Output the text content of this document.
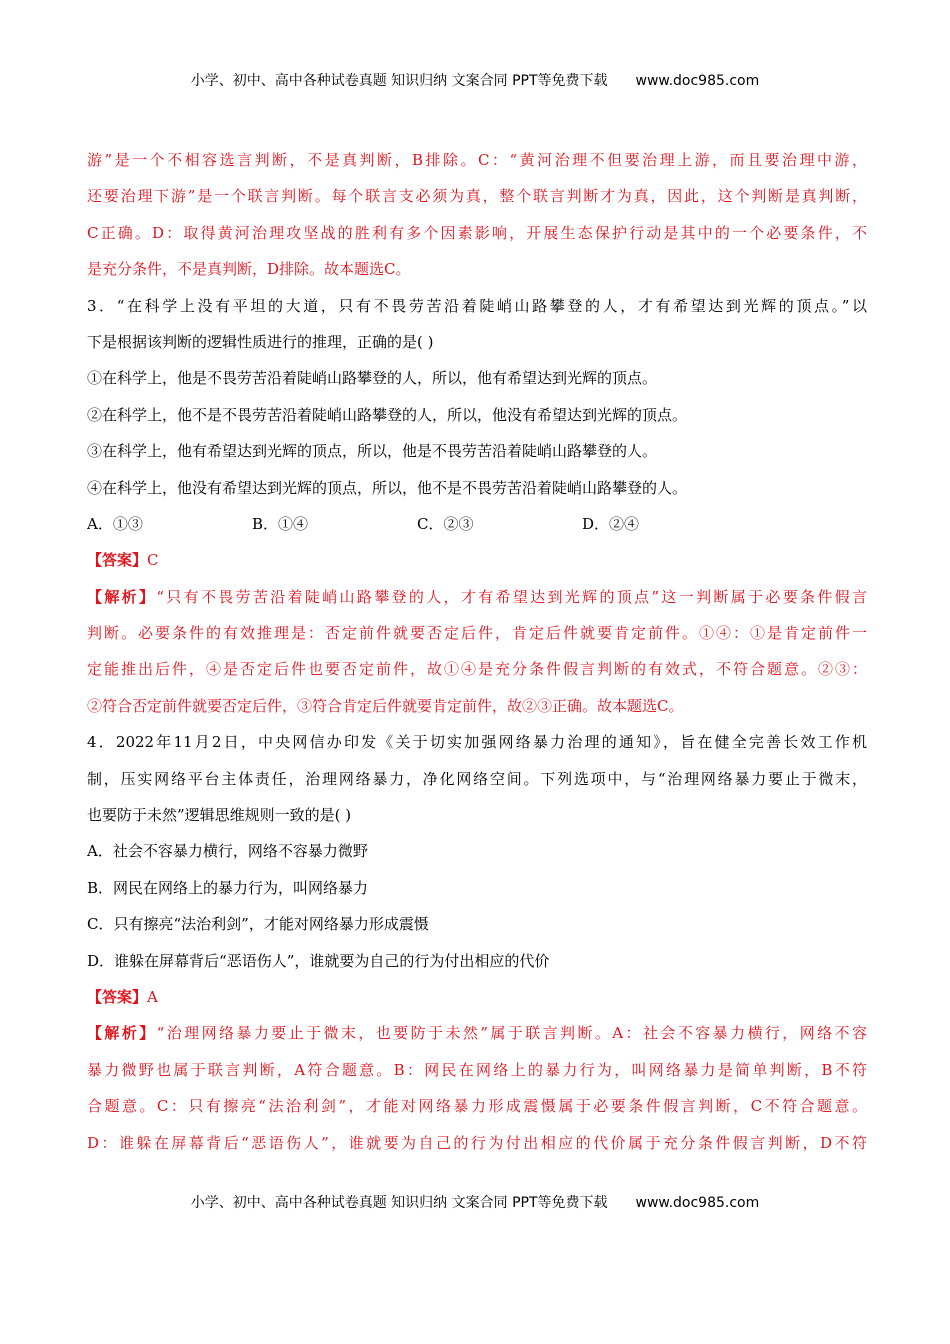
小学、初中、高中各种试卷真题 知识归纳 文案合同 PPT等免费下载 www.doc985.com
游”是一个不相容选言判断，不是真判断，B排除。C：“黄河治理不但要治理上游，而且要治理中游，
还要治理下游”是一个联言判断。每个联言支必须为真，整个联言判断才为真，因此，这个判断是真判断，
C正确。D：取得黄河治理攻坚战的胜利有多个因素影响，开展生态保护行动是其中的一个必要条件，不
是充分条件，不是真判断，D排除。故本题选C。
3．“在科学上没有平坦的大道，只有不畏劳苦沿着陡峭山路攀登的人，才有希望达到光辉的顶点。”以
下是根据该判断的逻辑性质进行的推理，正确的是( )
①在科学上，他是不畏劳苦沿着陡峭山路攀登的人，所以，他有希望达到光辉的顶点。
②在科学上，他不是不畏劳苦沿着陡峭山路攀登的人，所以，他没有希望达到光辉的顶点。
③在科学上，他有希望达到光辉的顶点，所以，他是不畏劳苦沿着陡峭山路攀登的人。
④在科学上，他没有希望达到光辉的顶点，所以，他不是不畏劳苦沿着陡峭山路攀登的人。
A．①③	B．①④	C．②③	D．②④
【答案】C
【解析】“只有不畏劳苦沿着陡峭山路攀登的人，才有希望达到光辉的顶点”这一判断属于必要条件假言
判断。必要条件的有效推理是：否定前件就要否定后件，肯定后件就要肯定前件。①④：①是肯定前件一
定能推出后件，④是否定后件也要否定前件，故①④是充分条件假言判断的有效式，不符合题意。②③：
②符合否定前件就要否定后件，③符合肯定后件就要肯定前件，故②③正确。故本题选C。
4．2022年11月2日，中央网信办印发《关于切实加强网络暴力治理的通知》，旨在健全完善长效工作机
制，压实网络平台主体责任，治理网络暴力，净化网络空间。下列选项中，与“治理网络暴力要止于微末，
也要防于未然”逻辑思维规则一致的是( )
A．社会不容暴力横行，网络不容暴力微野
B．网民在网络上的暴力行为，叫网络暴力
C．只有擦亮“法治利剑”，才能对网络暴力形成震慑
D．谁躲在屏幕背后“恶语伤人”，谁就要为自己的行为付出相应的代价
【答案】A
【解析】“治理网络暴力要止于微末，也要防于未然”属于联言判断。A：社会不容暴力横行，网络不容
暴力微野也属于联言判断，A符合题意。B：网民在网络上的暴力行为，叫网络暴力是简单判断，B不符
合题意。C：只有擦亮“法治利剑”，才能对网络暴力形成震慑属于必要条件假言判断，C不符合题意。
D：谁躲在屏幕背后“恶语伤人”，谁就要为自己的行为付出相应的代价属于充分条件假言判断，D不符
小学、初中、高中各种试卷真题 知识归纳 文案合同 PPT等免费下载 www.doc985.com
